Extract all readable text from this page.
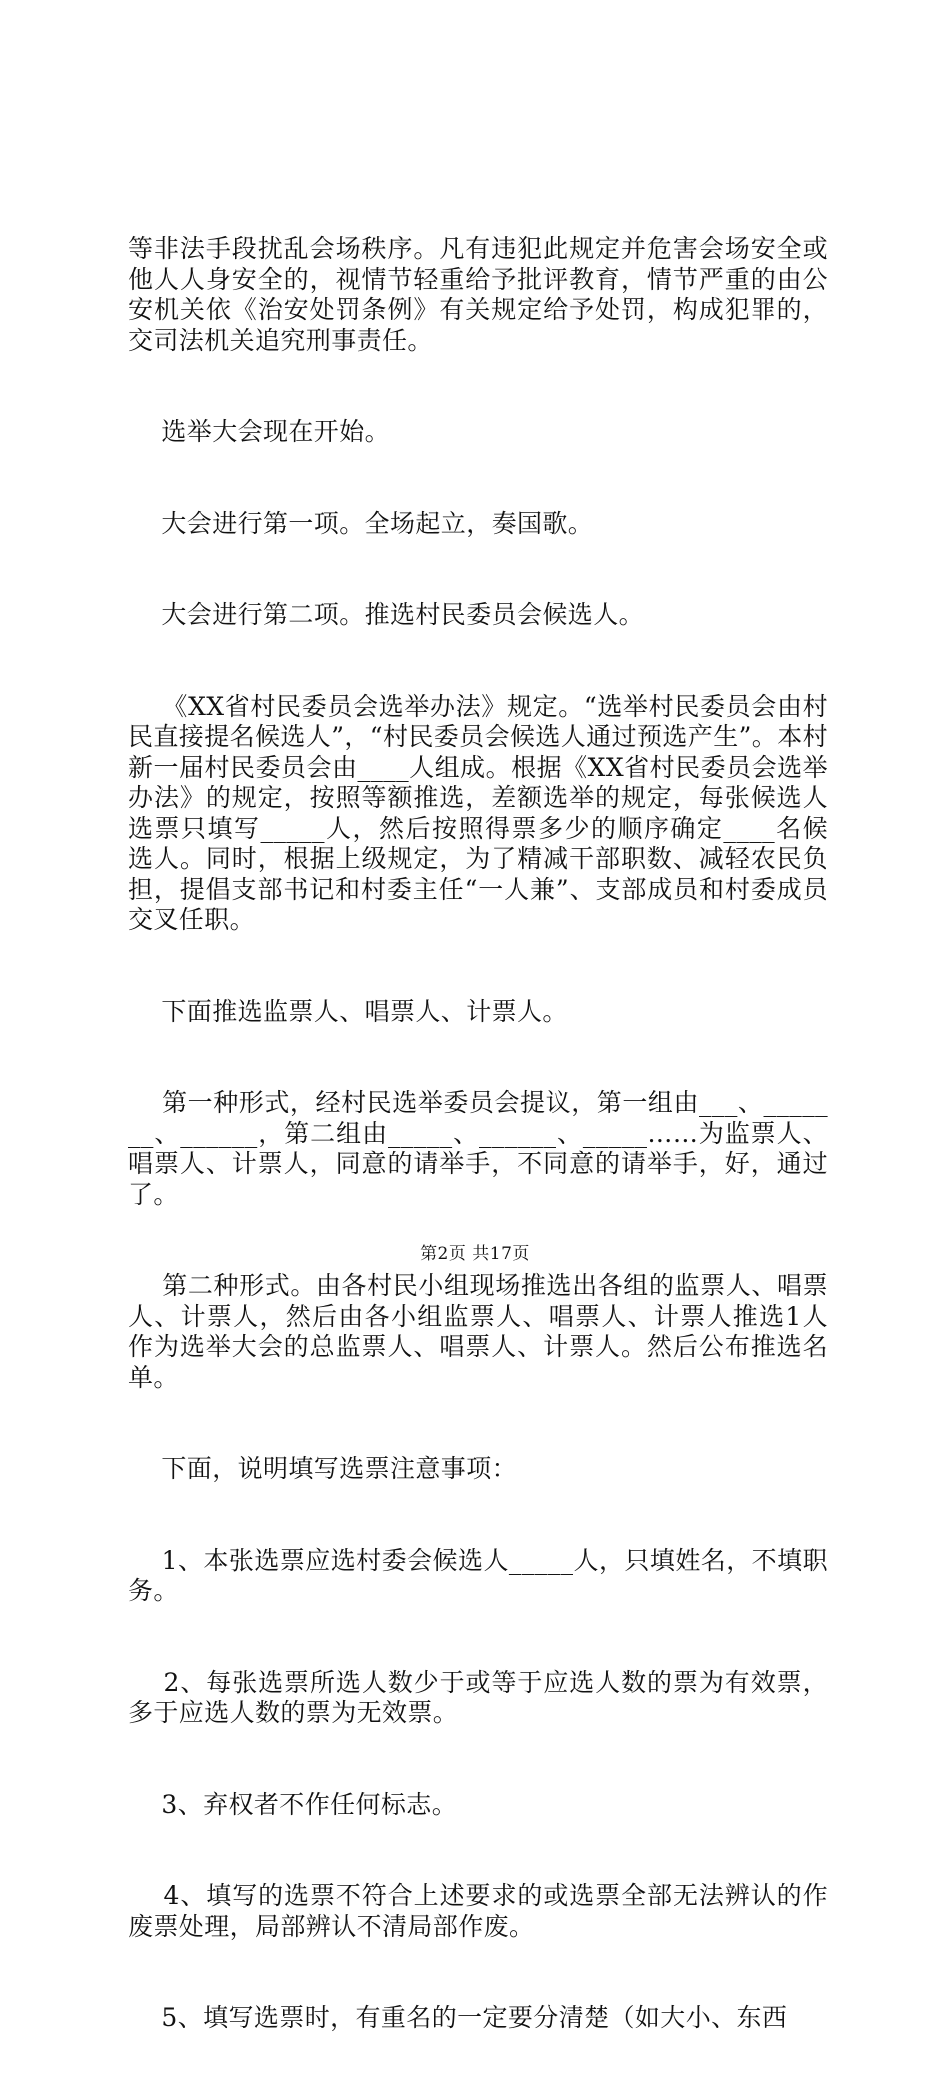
等非法手段扰乱会场秩序。凡有违犯此规定并危害会场安全或他人人身安全的，视情节轻重给予批评教育，情节严重的由公安机关依《治安处罚条例》有关规定给予处罚，构成犯罪的，交司法机关追究刑事责任。

选举大会现在开始。

大会进行第一项。全场起立，奏国歌。

大会进行第二项。推选村民委员会候选人。

《XX省村民委员会选举办法》规定。“选举村民委员会由村民直接提名候选人”，“村民委员会候选人通过预选产生”。本村新一届村民委员会由____人组成。根据《XX省村民委员会选举办法》的规定，按照等额推选，差额选举的规定，每张候选人选票只填写_____人，然后按照得票多少的顺序确定____名候选人。同时，根据上级规定，为了精减干部职数、减轻农民负担，提倡支部书记和村委主任“一人兼”、支部成员和村委成员交叉任职。

下面推选监票人、唱票人、计票人。

第一种形式，经村民选举委员会提议，第一组由___、_______、______，第二组由_____、______、_____……为监票人、唱票人、计票人，同意的请举手，不同意的请举手，好，通过了。

第二种形式。由各村民小组现场推选出各组的监票人、唱票人、计票人，然后由各小组监票人、唱票人、计票人推选1人作为选举大会的总监票人、唱票人、计票人。然后公布推选名单。

下面，说明填写选票注意事项：

1、本张选票应选村委会候选人_____人，只填姓名，不填职务。

2、每张选票所选人数少于或等于应选人数的票为有效票，多于应选人数的票为无效票。

3、弃权者不作任何标志。

4、填写的选票不符合上述要求的或选票全部无法辨认的作废票处理，局部辨认不清局部作废。

5、填写选票时，有重名的一定要分清楚（如大小、东西

第2页 共17页
